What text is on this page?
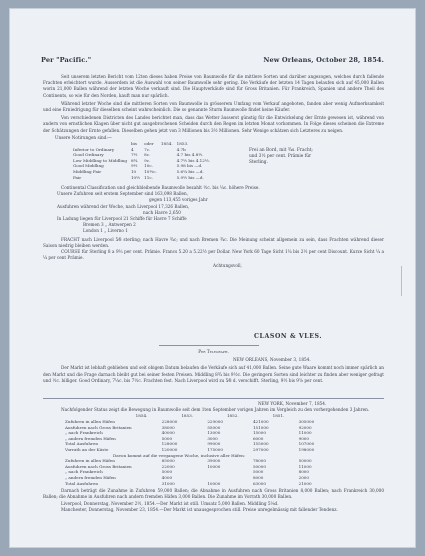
Per "Pacific."	New Orleans, October 28, 1854.
Seit unserem letzten Bericht vom 12ten dieses haben Preise von Baumwolle für die mittlere Sorten und darüber angezogen, welches durch fallende Frachten erleichtert wurde. Ausserdem ist die Auswahl von seiner Baumwolle sehr gering. Die Verkäufe der letzten 14 Tagen belaufen sich auf 45,000 Ballen worin 21,000 Ballen während der letzten Woche verkauft sind. Die Hauptverkäufe sind für Gross Britanien. Für Frankreich, Spanien und andere Theil des Continents, so wie für den Norden, kauft man nur spärlich.
Während letzter Woche sind die mittleren Sorten von Baumwolle in grösserem Umfang vom Verkauf angeboten, fanden aber wenig Aufmerksamkeit und eine Erniedrigung für dieselben scheint wahrscheinlich. Die so genannte Sturm Baumwolle findet keine Käufer.
Von verschiedenen Districten des Landes berichtet man, dass das Wetter äusserst günstig für die Entwickelung der Ernte gewesen ist, während von andern von ernstlichen Klagen über nicht gut ausgebrochenen Scheiden durch den Regen im letzten Monat vorkommen. In Folge dieses scheinen die Extreme der Schätzungen der Ernte gefallen. Dieselben gehen jetzt von 3 Millionen bis 3½ Millionen. Sehr Wenige schätzen sich Letzteres zu neigen.
Unsere Notirungen sind:—
	bis	oder	1854.	1853.
Inferior to Ordinary	4	7c.		4.7b
Good Ordinary	7½	8c.		4.7 bis 4.8½.
Low Middling to Middling	8¾	9c.		4.7½ bis 4.12½.
Good Middling	9½	10c.		5.98 bis —d.
Middling Fair	10	10½c.		5.6¼ bis —d.
Fair	10½	11c.		5.9½ bis —d.
Frei an Bord, mit ¾s. Fracht; und 3½ per cent. Prämie für Sterling.
Continental Classification und gleichbleibende Baumwolle bezahlt ½c. bis ¼c. höhere Preise.
Unsere Zufuhren seit erstem September sind 163,098 Ballen,
gegen 113,455 voriges Jahr
Ausfuhren während der Woche, nach Liverpool 17,326 Ballen,
nach Havre 2,650
In Ladung liegen für Liverpool 21 Schiffe für Havre 7 Schiffe
Bremen 3 „ Antwerpen 2
London 1 „ Liverno 1
FRACHT nach Liverpool 5⁄8 sterling; nach Havre ¾c; und nach Bremen ¾c. Die Meinung scheint allgemein zu sein, dass Frachten während dieser Saison niedrig bleiben werden.
COURSE für Sterling 8 a 9⅓ per cent. Prämie. Francs 5.20 a 5.22½ per Dollar. New York 60 Tage Sicht 1¼ bis 2½ per cent Discount. Kurze Sicht ¼ a ¼ per cent Prämie.
Achtungsvoll,
CLASON & VLES.
Per Telegraph.
NEW ORLEANS, November 3, 1854.
Der Markt ist lebhaft geblieben und seit obigem Datum belaufen die Verkäufe sich auf 41,000 Ballen. Seine gute Waare kommt noch immer spärlich an den Markt und die Frage darnach bleibt gut bei seiner festen Preisen. Middling 8¾ bis 9½c. Die geringern Sorten sind leichter zu finden aber weniger gefragt und ½c. billiger. Good Ordinary, 7¼c. bis 7½c. Frachten fest. Nach Liverpool wird zu 5⁄8 d. verschifft. Sterling, 9½ bis 9⅝ per cent.
NEW YORK, November 7, 1854.
Nachfolgender Status zeigt die Bewegung in Baumwolle seit dem 1ten September vorigen Jahren im Vergleich zu den vorhergehenden 3 Jahren.
	1854.	1853.	1852.	1851.
Zufuhren in allen Häfen	228000	229000	421000	305000
Ausfuhren nach Gross Britanien	38000	55000	151000	92000
„ nach Frankreich	40000	13000	15000	11000
„ andern fremden Häfen	5000	3000	6000	9000
Total Ausfuhren	128000	99000	155000	107000
Vorrath an der Küste	120000	175000	297000	198000
Davon kommt auf die vergangene Woche, inclusive aller Häfen:				
Zufuhren in allen Häfen	85000	39000	78000	50000
Ausfuhren nach Gross Britanien	22000	10000	50000	11000
„ nach Frankreich	5000		5000	8000
„ andern fremden Häfen	4000		8000	2000
Total Ausfuhren	31000	10000	63000	21000
Darnach beträgt die Zunahme in Zufuhren 59,000 Ballen; die Abnahme in Ausfuhren nach Gross Britanien 8,000 Ballen; nach Frankreich 30,000 Ballen; die Abnahme in Ausfuhren nach andern fremden Häfen 3,000 Ballen. Die Zunahme im Vorrath 30,000 Ballen.
Liverpool, Donnerstag, November 2½, 1854.—Der Markt ist still. Umsatz 5,000 Ballen. Middling 5⅛d.
Manchester, Donnerstag, November 23, 1854.—Der Markt ist unausgesprochen still. Preise unregelmässig mit fallender Tendenz.
